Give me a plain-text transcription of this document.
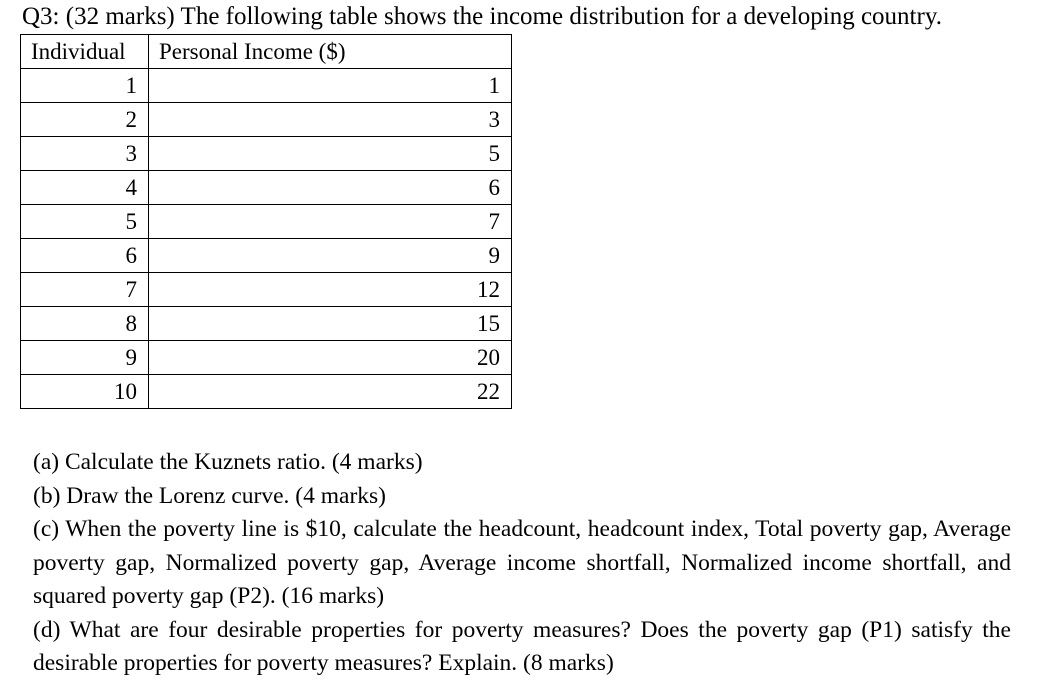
Q3: (32 marks) The following table shows the income distribution for a developing country.
Individual	Personal Income ($)
1	1
2	3
3	5
4	6
5	7
6	9
7	12
8	15
9	20
10	22

(a) Calculate the Kuznets ratio. (4 marks)

(b) Draw the Lorenz curve. (4 marks)

(c) When the poverty line is $10, calculate the headcount, headcount index, Total poverty gap, Average poverty gap, Normalized poverty gap, Average income shortfall, Normalized income shortfall, and squared poverty gap (P2). (16 marks)

(d) What are four desirable properties for poverty measures? Does the poverty gap (P1) satisfy the desirable properties for poverty measures? Explain. (8 marks)
